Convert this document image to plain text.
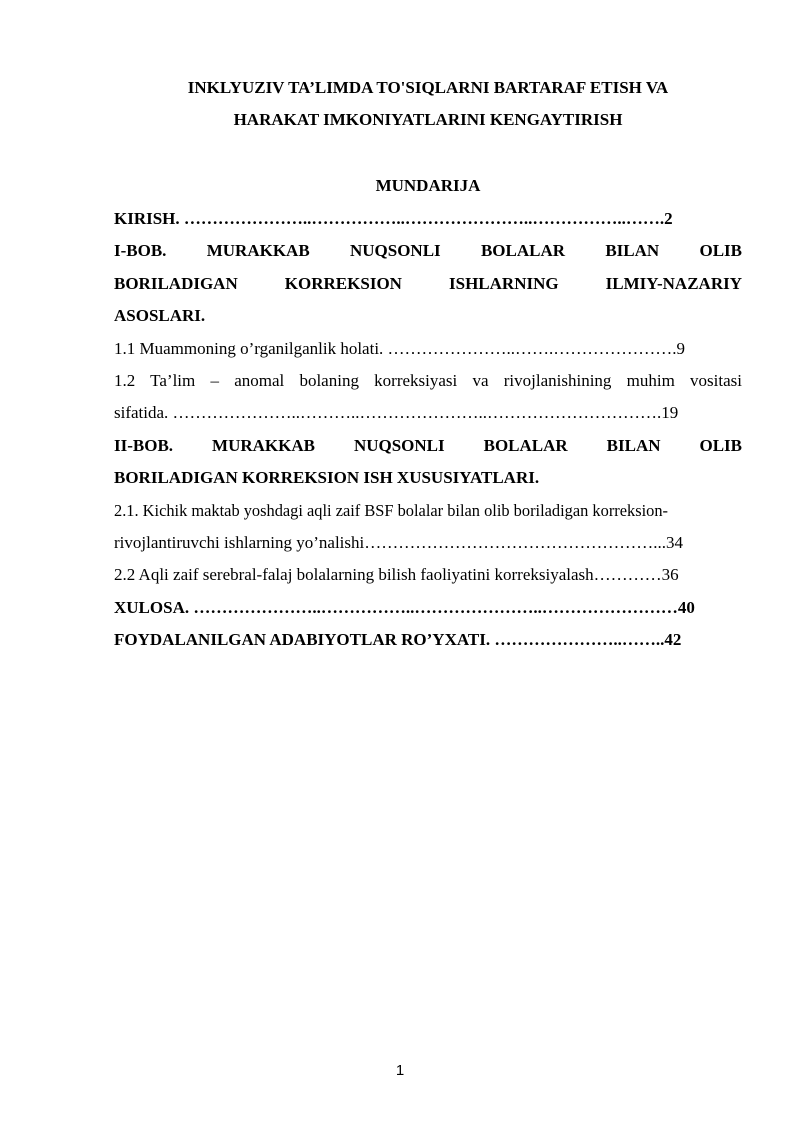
INKLYUZIV TA’LIMDA TO'SIQLARNI BARTARAF ETISH VA
HARAKAT IMKONIYATLARINI KENGAYTIRISH
MUNDARIJA
KIRISH. …………………..……………..…………………..……………..…….2
I-BOB. MURAKKAB NUQSONLI BOLALAR BILAN OLIB
BORILADIGAN KORREKSION ISHLARNING ILMIY-NAZARIY
ASOSLARI.
1.1 Muammoning o’rganilganlik holati. …………………..…….………………….9
1.2 Ta’lim – anomal bolaning korreksiyasi va rivojlanishining muhim vositasi
sifatida. …………………..………..…………………..………………………….19
II-BOB. MURAKKAB NUQSONLI BOLALAR BILAN OLIB
BORILADIGAN KORREKSION ISH XUSUSIYATLARI.
2.1. Kichik maktab yoshdagi aqli zaif BSF bolalar bilan olib boriladigan korreksion-
rivojlantiruvchi ishlarning yo’nalishi……………………………………………...34
2.2 Aqli zaif serebral-falaj bolalarning bilish faoliyatini korreksiyalash…………36
XULOSA. …………………..……………..…………………..……………………40
FOYDALANILGAN ADABIYOTLAR RO’YXATI. …………………..……..42
1
